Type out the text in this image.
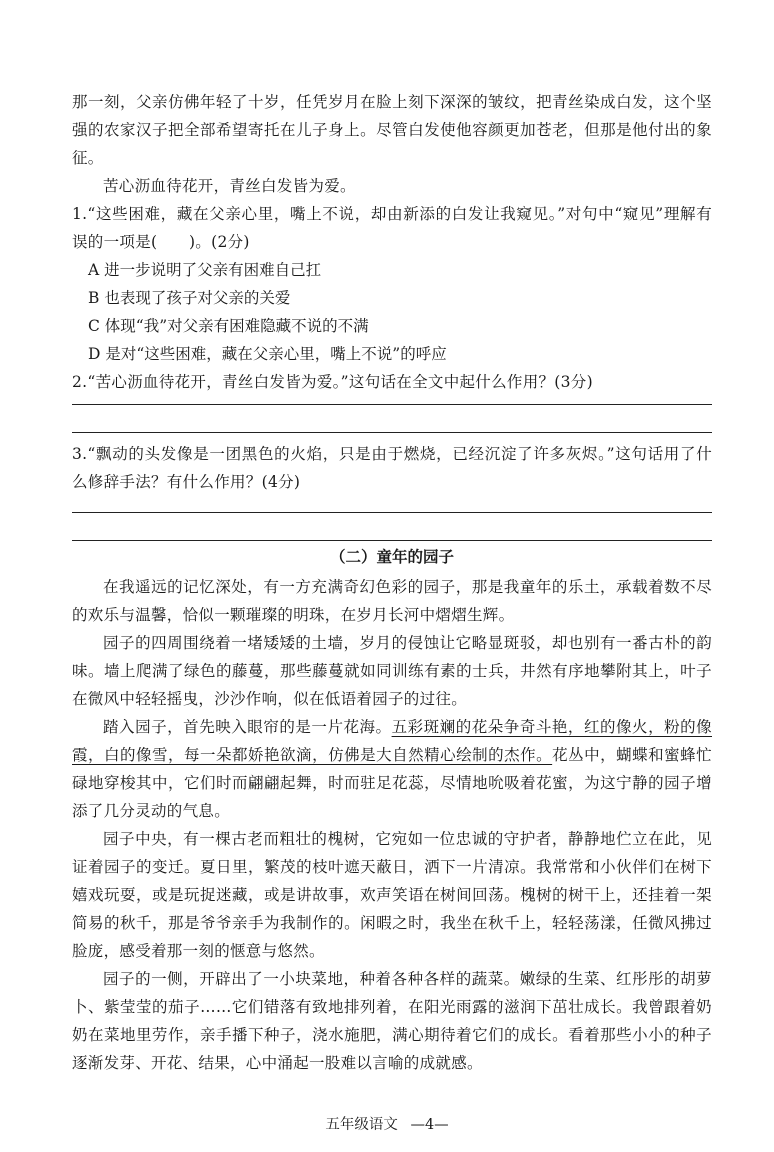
那一刻，父亲仿佛年轻了十岁，任凭岁月在脸上刻下深深的皱纹，把青丝染成白发，这个坚强的农家汉子把全部希望寄托在儿子身上。尽管白发使他容颜更加苍老，但那是他付出的象征。

苦心沥血待花开，青丝白发皆为爱。

1.“这些困难，藏在父亲心里，嘴上不说，却由新添的白发让我窥见。”对句中“窥见”理解有误的一项是(　　)。(2分)

A 进一步说明了父亲有困难自己扛
B 也表现了孩子对父亲的关爱
C 体现“我”对父亲有困难隐藏不说的不满
D 是对“这些困难，藏在父亲心里，嘴上不说”的呼应

2.“苦心沥血待花开，青丝白发皆为爱。”这句话在全文中起什么作用？(3分)

3.“飘动的头发像是一团黑色的火焰，只是由于燃烧，已经沉淀了许多灰烬。”这句话用了什么修辞手法？有什么作用？(4分)

（二）童年的园子

在我遥远的记忆深处，有一方充满奇幻色彩的园子，那是我童年的乐土，承载着数不尽的欢乐与温馨，恰似一颗璀璨的明珠，在岁月长河中熠熠生辉。

园子的四周围绕着一堵矮矮的土墙，岁月的侵蚀让它略显斑驳，却也别有一番古朴的韵味。墙上爬满了绿色的藤蔓，那些藤蔓就如同训练有素的士兵，井然有序地攀附其上，叶子在微风中轻轻摇曳，沙沙作响，似在低语着园子的过往。

踏入园子，首先映入眼帘的是一片花海。五彩斑斓的花朵争奇斗艳，红的像火，粉的像霞，白的像雪，每一朵都娇艳欲滴，仿佛是大自然精心绘制的杰作。花丛中，蝴蝶和蜜蜂忙碌地穿梭其中，它们时而翩翩起舞，时而驻足花蕊，尽情地吮吸着花蜜，为这宁静的园子增添了几分灵动的气息。

园子中央，有一棵古老而粗壮的槐树，它宛如一位忠诚的守护者，静静地伫立在此，见证着园子的变迁。夏日里，繁茂的枝叶遮天蔽日，洒下一片清凉。我常常和小伙伴们在树下嬉戏玩耍，或是玩捉迷藏，或是讲故事，欢声笑语在树间回荡。槐树的树干上，还挂着一架简易的秋千，那是爷爷亲手为我制作的。闲暇之时，我坐在秋千上，轻轻荡漾，任微风拂过脸庞，感受着那一刻的惬意与悠然。

园子的一侧，开辟出了一小块菜地，种着各种各样的蔬菜。嫩绿的生菜、红彤彤的胡萝卜、紫莹莹的茄子……它们错落有致地排列着，在阳光雨露的滋润下茁壮成长。我曾跟着奶奶在菜地里劳作，亲手播下种子，浇水施肥，满心期待着它们的成长。看着那些小小的种子逐渐发芽、开花、结果，心中涌起一股难以言喻的成就感。

五年级语文 —4—
